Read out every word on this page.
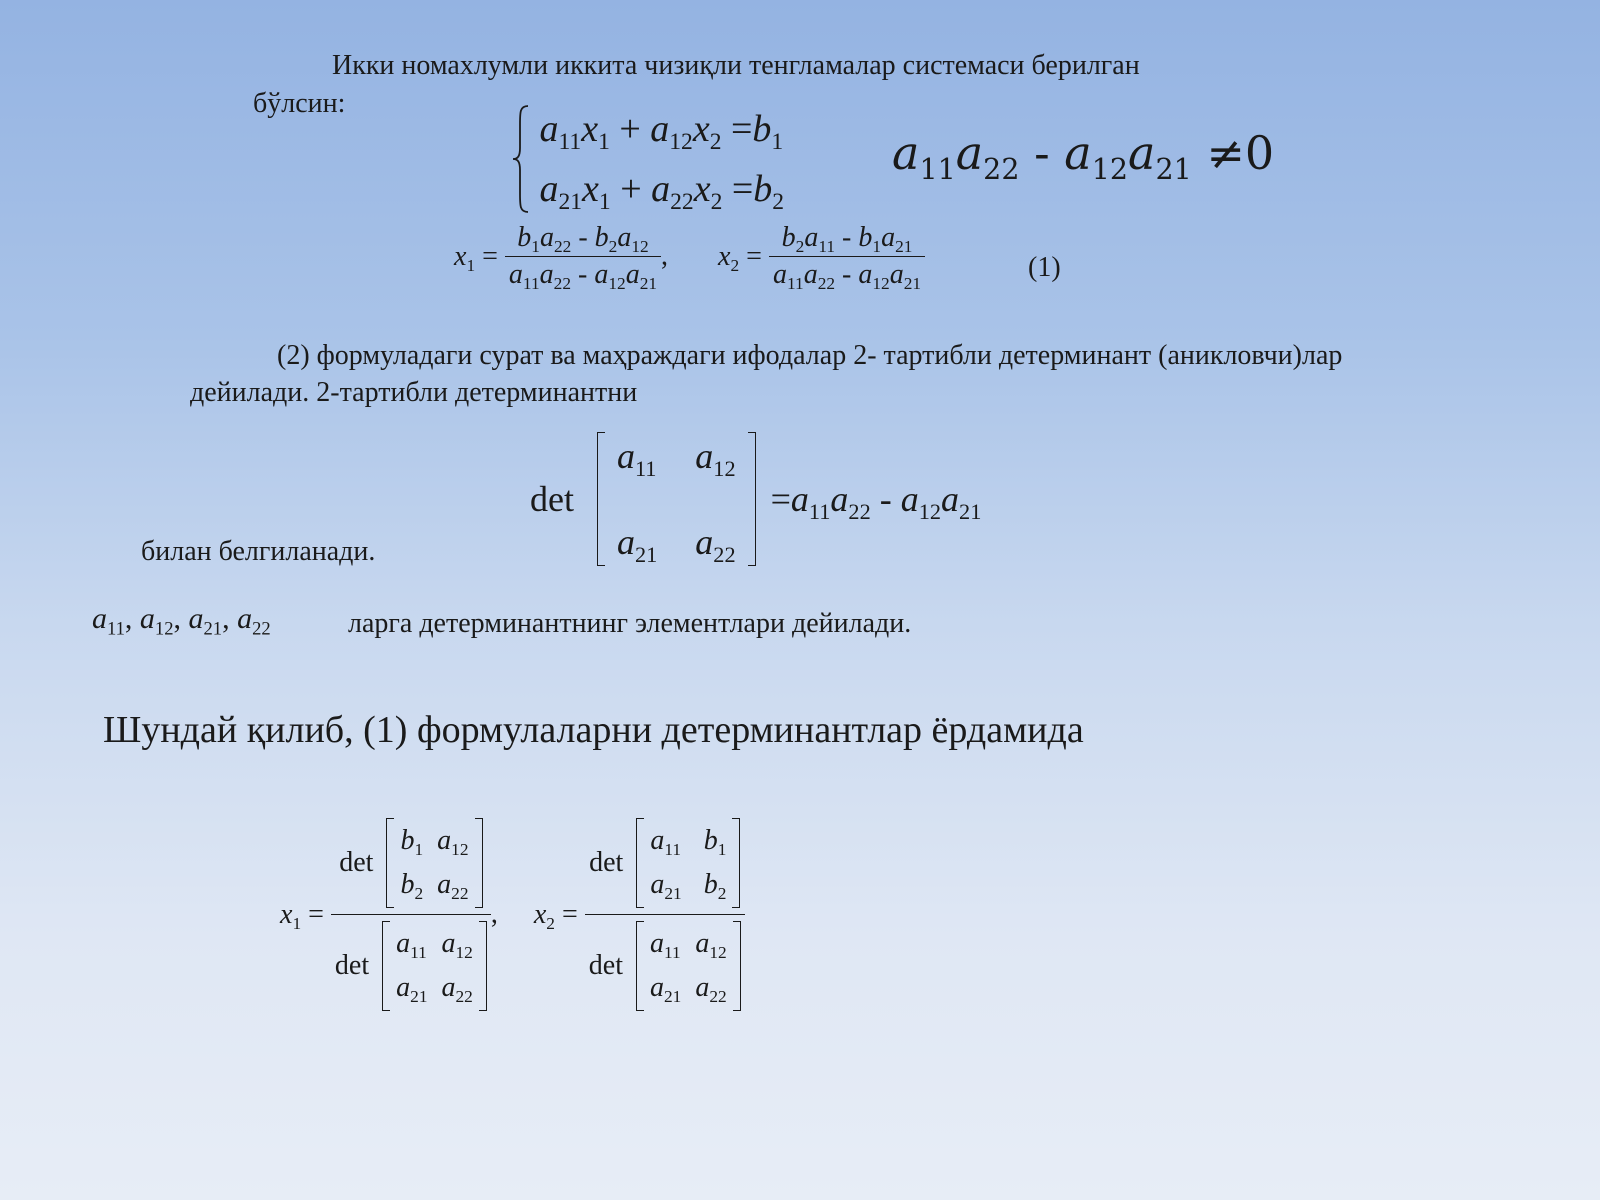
Икки номахлумли иккита чизиқли тенгламалар системаси берилган
бўлсин:

$a_{11}x_1 + a_{12}x_2 =b_1$
$a_{21}x_1 + a_{22}x_2 =b_2$
$a_{11}a_{22} - a_{12}a_{21} \ne 0$
$x_1 = \frac{b_1a_{22} - b_2a_{12}}{a_{11}a_{22} - a_{12}a_{21}}$ , $x_2 = \frac{b_2a_{11} - b_1a_{21}}{a_{11}a_{22} - a_{12}a_{21}}$	(1)
(2) формуладаги сурат ва маҳраждаги ифодалар 2- тартибли детерминант (аникловчи)лар
дейилади. 2-тартибли детерминантни
det
$a_{11}$ $a_{12}$
$a_{21}$ $a_{22}$
$=a_{11}a_{22} - a_{12}a_{21}$
билан белгиланади.
$a_{11}$, $a_{12}$, $a_{21}$, $a_{22}$	ларга детерминантнинг элементлари дейилади.
Шундай қилиб, (1) формулаларни детерминантлар ёрдамида
$x_1$ =
det
$b_1$ $a_{12}$
$b_2$ $a_{22}$
det
$a_{11}$ $a_{12}$
$a_{21}$ $a_{22}$
, $x_2$ =
det
$a_{11}$ $b_1$
$a_{21}$ $b_2$
det
$a_{11}$ $a_{12}$
$a_{21}$ $a_{22}$
